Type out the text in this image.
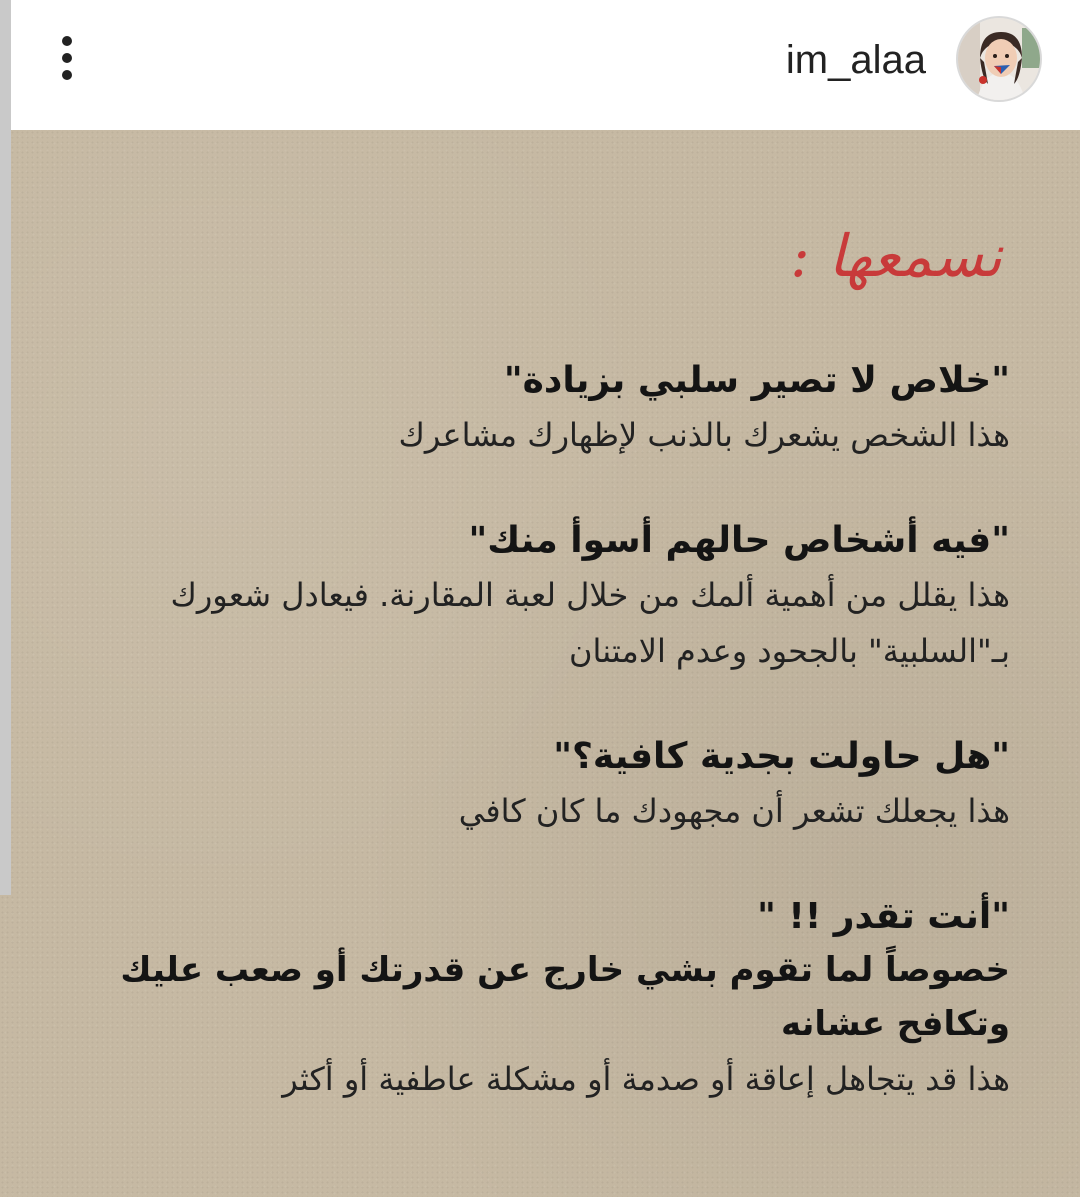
im_alaa
نسمعها :
"خلاص لا تصير سلبي بزيادة"
هذا الشخص يشعرك بالذنب لإظهارك مشاعرك
"فيه أشخاص حالهم أسوأ منك"
هذا يقلل من أهمية ألمك من خلال لعبة المقارنة. فيعادل شعورك بـ"السلبية" بالجحود وعدم الامتنان
"هل حاولت بجدية كافية؟"
هذا يجعلك تشعر أن مجهودك ما كان كافي
"أنت تقدر !! "
خصوصاً لما تقوم بشي خارج عن قدرتك أو صعب عليك وتكافح عشانه
هذا قد يتجاهل إعاقة أو صدمة أو مشكلة عاطفية أو أكثر
